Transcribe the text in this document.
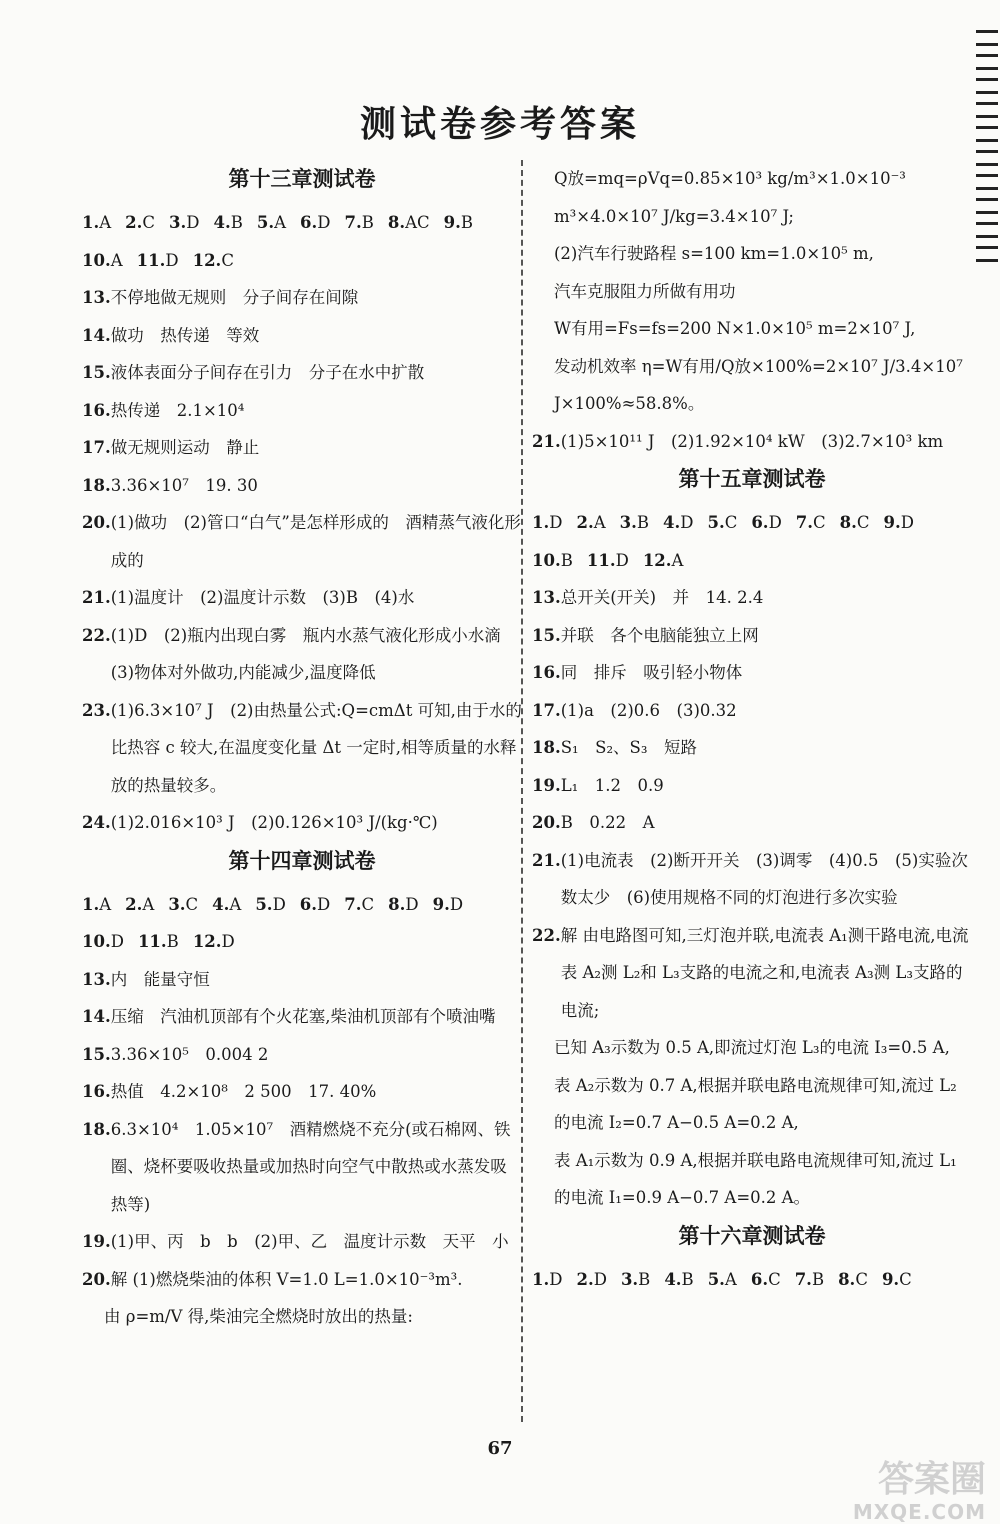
测试卷参考答案
第十三章测试卷
1.A 2.C 3.D 4.B 5.A 6.D 7.B 8.AC 9.B
10.A 11.D 12.C
13. 不停地做无规则　分子间存在间隙
14. 做功　热传递　等效
15. 液体表面分子间存在引力　分子在水中扩散
16. 热传递　2.1×10⁴
17. 做无规则运动　静止
18. 3.36×10⁷　19. 30
20. (1)做功　(2)管口“白气”是怎样形成的　酒精蒸气液化形成的
21. (1)温度计　(2)温度计示数　(3)B　(4)水
22. (1)D　(2)瓶内出现白雾　瓶内水蒸气液化形成小水滴　(3)物体对外做功,内能减少,温度降低
23. (1)6.3×10⁷ J　(2)由热量公式:Q=cmΔt 可知,由于水的比热容 c 较大,在温度变化量 Δt 一定时,相等质量的水释放的热量较多。
24. (1)2.016×10³ J　(2)0.126×10³ J/(kg·℃)
第十四章测试卷
1.A 2.A 3.C 4.A 5.D 6.D 7.C 8.D 9.D
10.D 11.B 12.D
13. 内　能量守恒
14. 压缩　汽油机顶部有个火花塞,柴油机顶部有个喷油嘴
15. 3.36×10⁵　0.004 2
16. 热值　4.2×10⁸　2 500　17. 40%
18. 6.3×10⁴　1.05×10⁷　酒精燃烧不充分(或石棉网、铁圈、烧杯要吸收热量或加热时向空气中散热或水蒸发吸热等)
19. (1)甲、丙　b　b　(2)甲、乙　温度计示数　天平　小
20. 解 (1)燃烧柴油的体积 V=1.0 L=1.0×10⁻³m³.
由 ρ=m/V 得,柴油完全燃烧时放出的热量:
Q放=mq=ρVq=0.85×10³ kg/m³×1.0×10⁻³ m³×4.0×10⁷ J/kg=3.4×10⁷ J;
(2)汽车行驶路程 s=100 km=1.0×10⁵ m,
汽车克服阻力所做有用功
W有用=Fs=fs=200 N×1.0×10⁵ m=2×10⁷ J,
发动机效率 η=W有用/Q放×100%=2×10⁷ J/3.4×10⁷ J×100%≈58.8%。
21. (1)5×10¹¹ J　(2)1.92×10⁴ kW　(3)2.7×10³ km
第十五章测试卷
1.D 2.A 3.B 4.D 5.C 6.D 7.C 8.C 9.D
10.B 11.D 12.A
13. 总开关(开关)　并　14. 2.4
15. 并联　各个电脑能独立上网
16. 同　排斥　吸引轻小物体
17. (1)a　(2)0.6　(3)0.32
18. S₁　S₂、S₃　短路
19. L₁　1.2　0.9
20. B　0.22　A
21. (1)电流表　(2)断开开关　(3)调零　(4)0.5　(5)实验次数太少　(6)使用规格不同的灯泡进行多次实验
22. 解 由电路图可知,三灯泡并联,电流表 A₁测干路电流,电流表 A₂测 L₂和 L₃支路的电流之和,电流表 A₃测 L₃支路的电流;
已知 A₃示数为 0.5 A,即流过灯泡 L₃的电流 I₃=0.5 A,
表 A₂示数为 0.7 A,根据并联电路电流规律可知,流过 L₂的电流 I₂=0.7 A−0.5 A=0.2 A,
表 A₁示数为 0.9 A,根据并联电路电流规律可知,流过 L₁的电流 I₁=0.9 A−0.7 A=0.2 A。
第十六章测试卷
1.D 2.D 3.B 4.B 5.A 6.C 7.B 8.C 9.C
67
答案圈
MXQE.COM
